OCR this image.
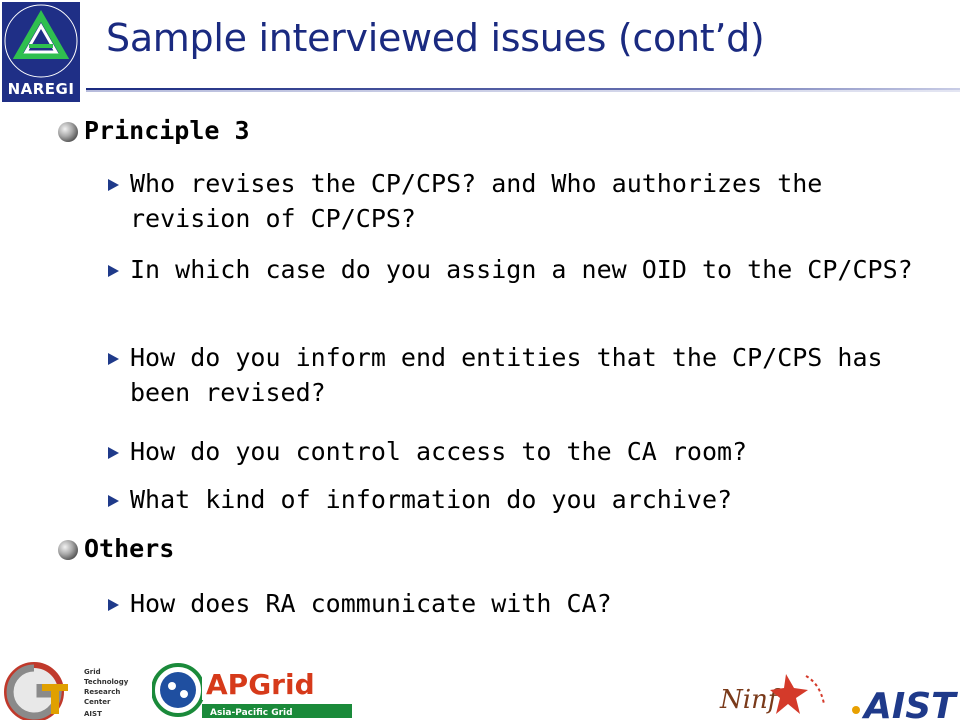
NAREGI
Sample interviewed issues (cont’d)
Principle 3
Who revises the CP/CPS? and Who authorizes the revision of CP/CPS?
In which case do you assign a new OID to the CP/CPS?
How do you inform end entities that the CP/CPS has been revised?
How do you control access to the CA room?
What kind of information do you archive?
Others
How does RA communicate with CA?
Grid
Technology
Research
Center
AIST
APGrid
Asia-Pacific Grid	Ninf AIST
